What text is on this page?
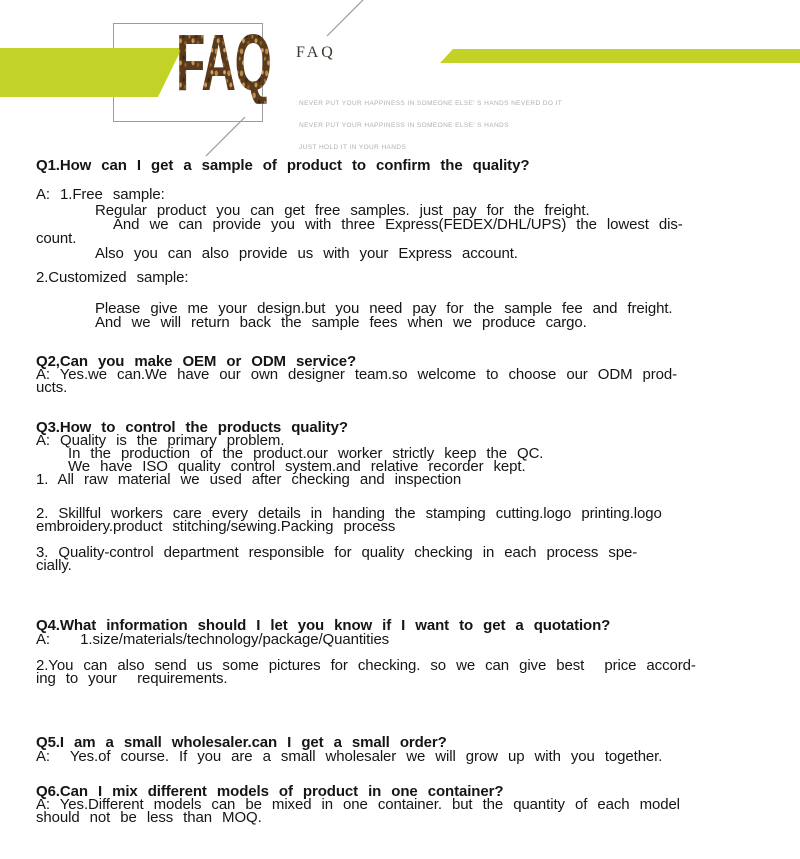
FAQ FAQ

NEVER PUT YOUR HAPPINESS IN SOMEONE ELSE' S HANDS NEVERD DO IT

NEVER PUT YOUR HAPPINESS IN SOMEONE ELSE' S HANDS

JUST HOLD IT IN YOUR HANDS

Q1.How can I get a sample of product to confirm the quality?
A: 1.Free sample:
Regular product you can get free samples. just pay for the freight.
And we can provide you with three Express(FEDEX/DHL/UPS) the lowest dis-
count.
Also you can also provide us with your Express account.
2.Customized sample:
Please give me your design.but you need pay for the sample fee and freight.
And we will return back the sample fees when we produce cargo.
Q2,Can you make OEM or ODM service?
A: Yes.we can.We have our own designer team.so welcome to choose our ODM prod-
ucts.
Q3.How to control the products quality?
A: Quality is the primary problem.
In the production of the product.our worker strictly keep the QC.
We have ISO quality control system.and relative recorder kept.
1. All raw material we used after checking and inspection
2. Skillful workers care every details in handing the stamping cutting.logo printing.logo
embroidery.product stitching/sewing.Packing process
3. Quality-control department responsible for quality checking in each process spe-
cially.
Q4.What information should I let you know if I want to get a quotation?
A:   1.size/materials/technology/package/Quantities
2.You can also send us some pictures for checking. so we can give best  price accord-
ing to your  requirements.
Q5.I am a small wholesaler.can I get a small order?
A:  Yes.of course. If you are a small wholesaler we will grow up with you together.
Q6.Can I mix different models of product in one container?
A: Yes.Different models can be mixed in one container. but the quantity of each model
should not be less than MOQ.
